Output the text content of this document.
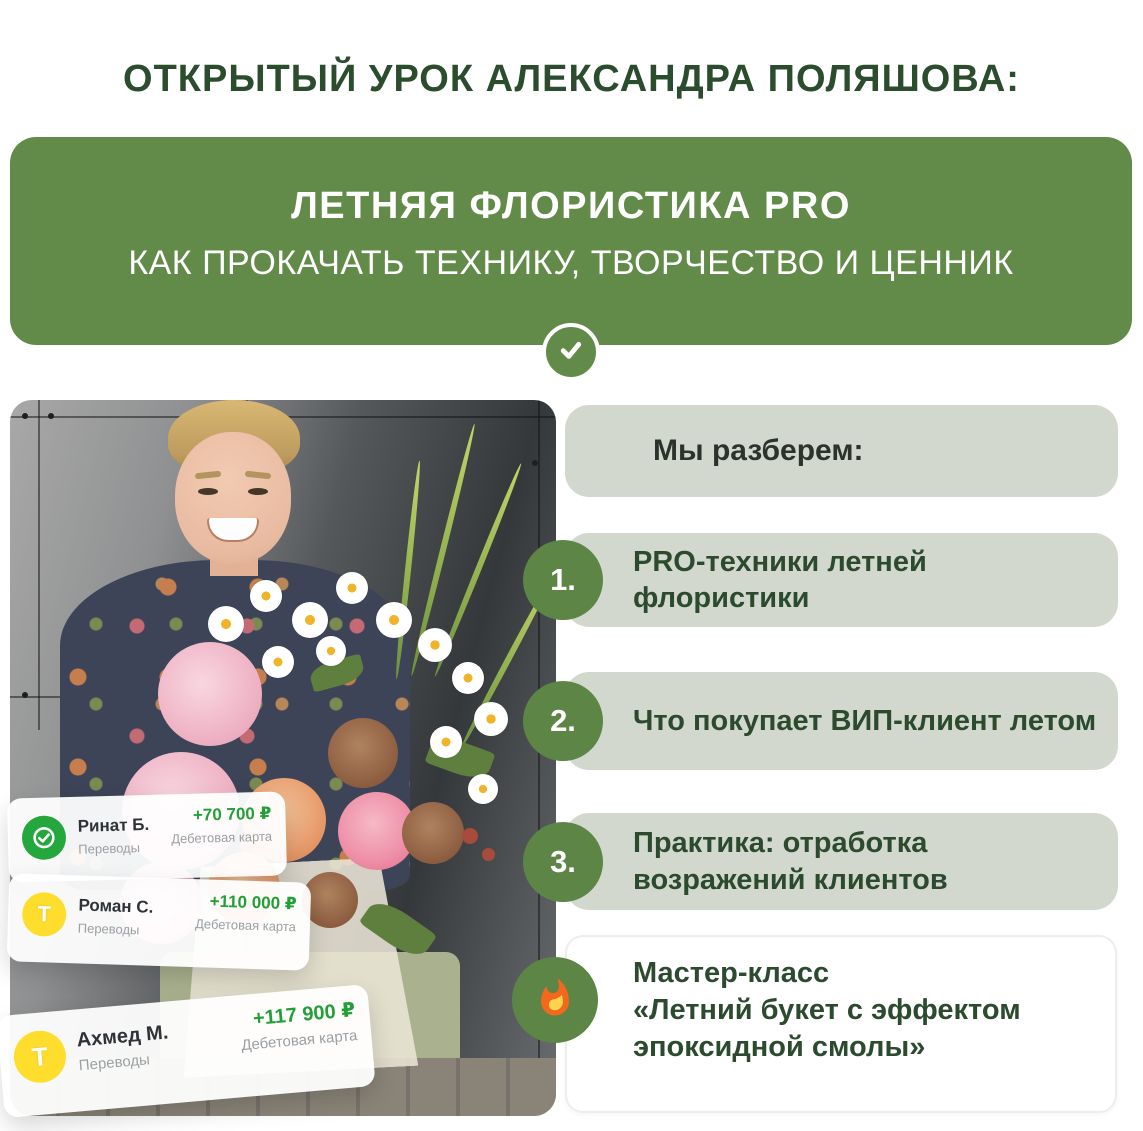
ОТКРЫТЫЙ УРОК АЛЕКСАНДРА ПОЛЯШОВА:
ЛЕТНЯЯ ФЛОРИСТИКА PRO
КАК ПРОКАЧАТЬ ТЕХНИКУ, ТВОРЧЕСТВО И ЦЕННИК
Ринат Б.
Переводы
+70 700 ₽
Дебетовая карта
Т Роман С.
Переводы
+110 000 ₽
Дебетовая карта
Т
Ахмед М.
Переводы
+117 900 ₽
Дебетовая карта
Мы разберем:
PRO-техники летней флористики
Что покупает ВИП-клиент летом
Практика: отработка возражений клиентов
1.
2.
3.
Мастер-класс
«Летний букет с эффектом эпоксидной смолы»
